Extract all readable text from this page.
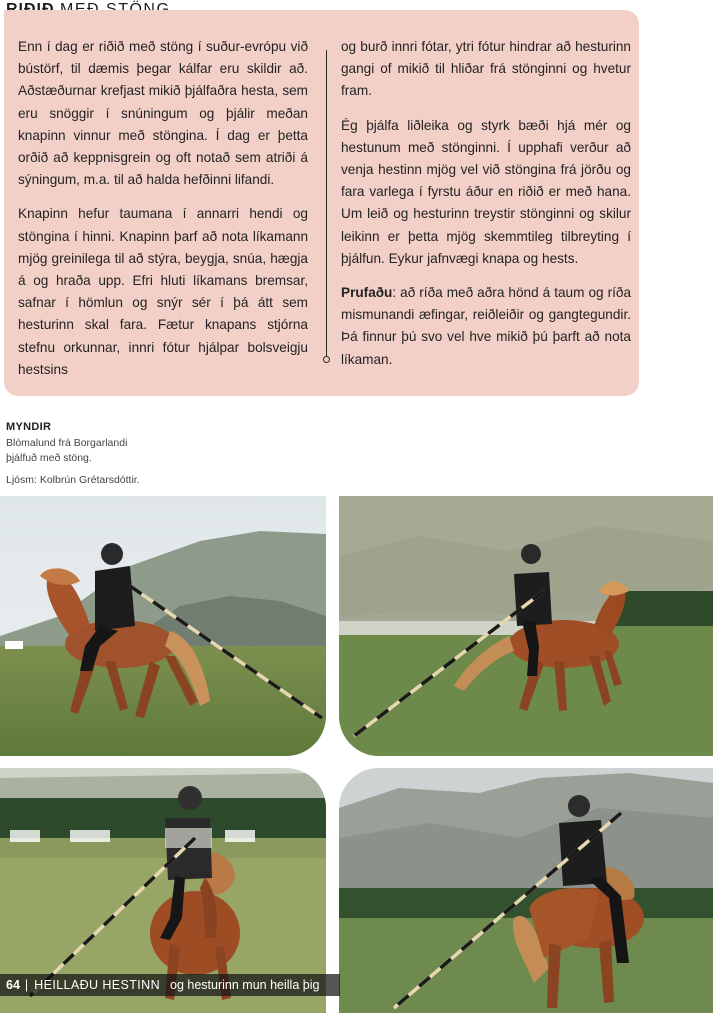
Enn í dag er riðið með stöng í suður-evrópu við bústörf, til dæmis þegar kálfar eru skildir að. Aðstæðurnar krefjast mikið þjálfaðra hesta, sem eru snöggir í snúningum og þjálir meðan knapinn vinnur með stöngina. Í dag er þetta orðið að keppnisgrein og oft notað sem atriði á sýningum, m.a. til að halda hefðinni lifandi.

Knapinn hefur taumana í annarri hendi og stöngina í hinni. Knapinn þarf að nota líkamann mjög greinilega til að stýra, beygja, snúa, hægja á og hraða upp. Efri hluti líkamans bremsar, safnar í hömlun og snýr sér í þá átt sem hesturinn skal fara. Fætur knapans stjórna stefnu orkunnar, innri fótur hjálpar bolsveigju hestsins

og burð innri fótar, ytri fótur hindrar að hesturinn gangi of mikið til hliðar frá stönginni og hvetur fram.

Ég þjálfa liðleika og styrk bæði hjá mér og hestunum með stönginni. Í upphafi verður að venja hestinn mjög vel við stöngina frá jörðu og fara varlega í fyrstu áður en riðið er með hana. Um leið og hesturinn treystir stönginni og skilur leikinn er þetta mjög skemmtileg tilbreyting í þjálfun. Eykur jafnvægi knapa og hests.

Prufaðu: að ríða með aðra hönd á taum og ríða mismunandi æfingar, reiðleiðir og gangtegundir. Þá finnur þú svo vel hve mikið þú þarft að nota líkaman.

MYNDIR
Blómalund frá Borgarlandi
þjálfuð með stöng.
Ljósm: Kolbrún Grétarsdóttir.
64 | HEILLAÐU HESTINN og hesturinn mun heilla þig
